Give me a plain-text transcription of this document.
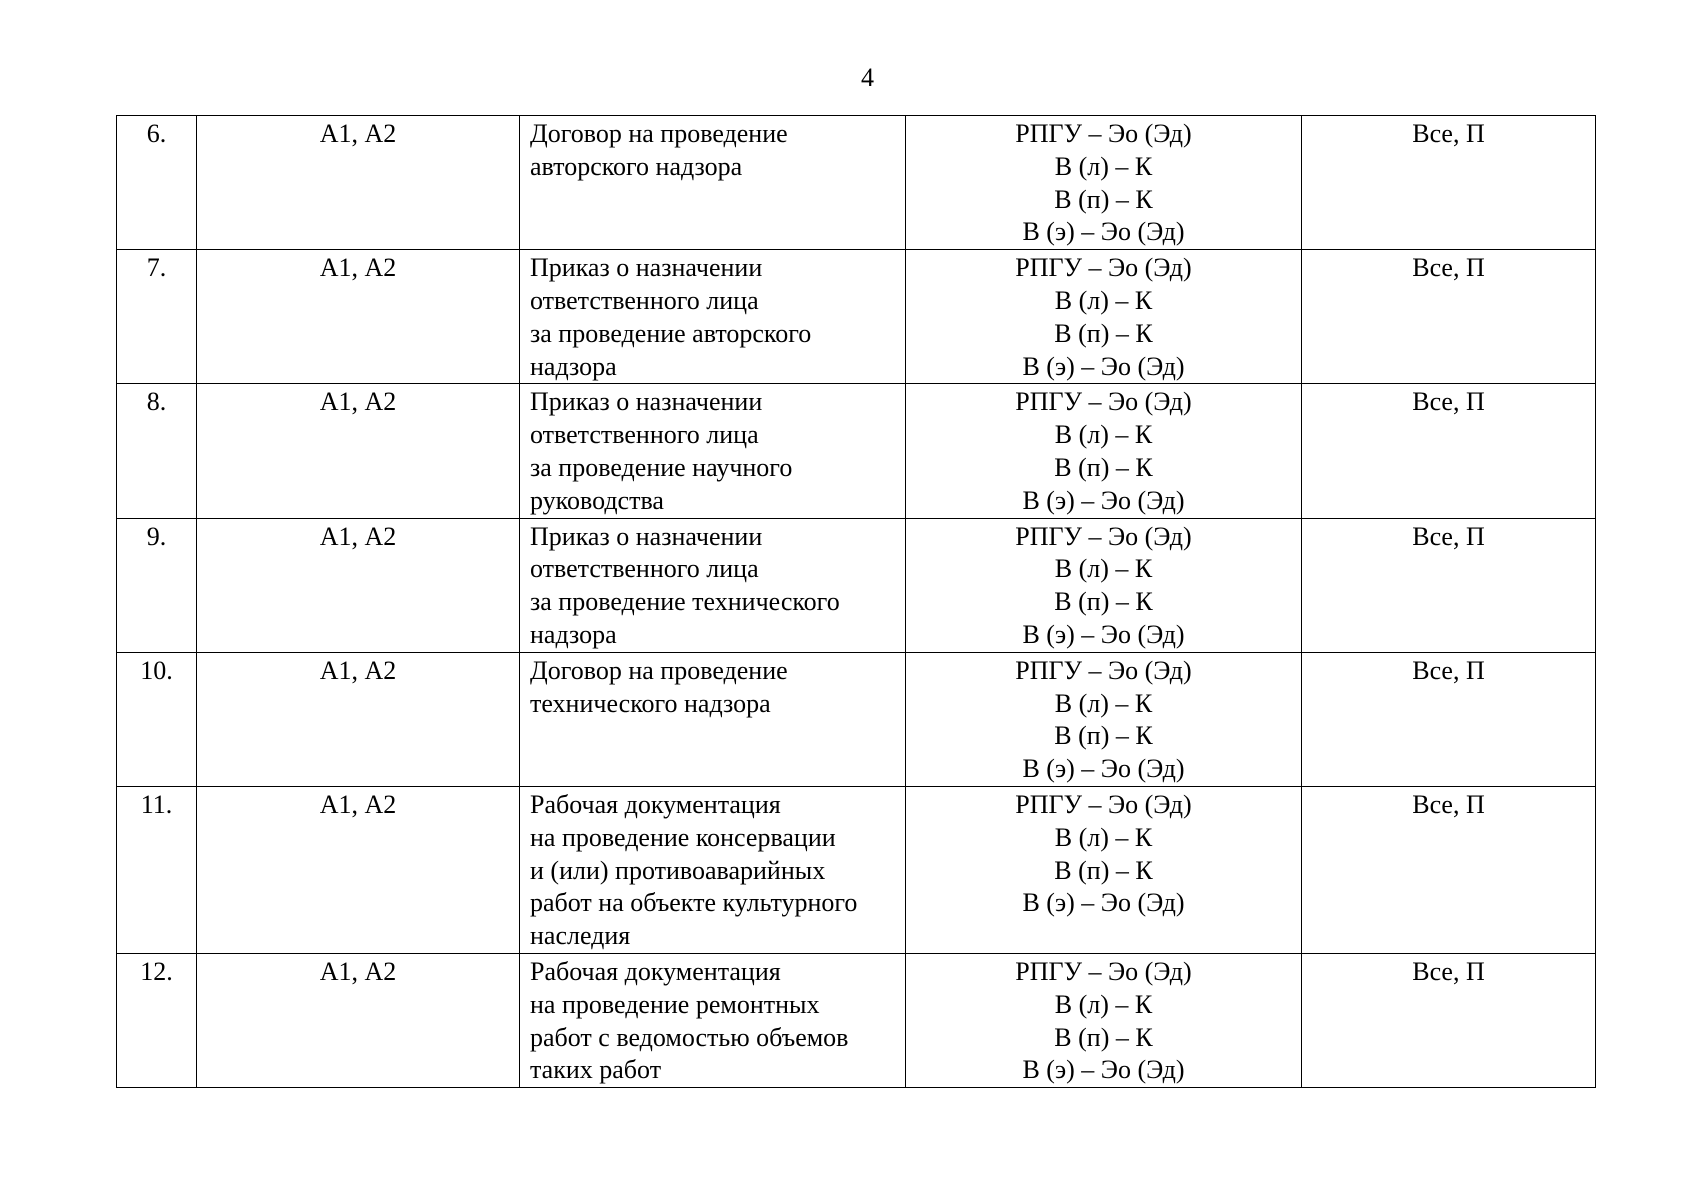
4
6.	А1, А2	Договор на проведение
авторского надзора	РПГУ – Эо (Эд)
В (л) – К
В (п) – К
В (э) – Эо (Эд)	Все, П
7.	А1, А2	Приказ о назначении
ответственного лица
за проведение авторского
надзора	РПГУ – Эо (Эд)
В (л) – К
В (п) – К
В (э) – Эо (Эд)	Все, П
8.	А1, А2	Приказ о назначении
ответственного лица
за проведение научного
руководства	РПГУ – Эо (Эд)
В (л) – К
В (п) – К
В (э) – Эо (Эд)	Все, П
9.	А1, А2	Приказ о назначении
ответственного лица
за проведение технического
надзора	РПГУ – Эо (Эд)
В (л) – К
В (п) – К
В (э) – Эо (Эд)	Все, П
10.	А1, А2	Договор на проведение
технического надзора	РПГУ – Эо (Эд)
В (л) – К
В (п) – К
В (э) – Эо (Эд)	Все, П
11.	А1, А2	Рабочая документация
на проведение консервации
и (или) противоаварийных
работ на объекте культурного
наследия	РПГУ – Эо (Эд)
В (л) – К
В (п) – К
В (э) – Эо (Эд)	Все, П
12.	А1, А2	Рабочая документация
на проведение ремонтных
работ с ведомостью объемов
таких работ	РПГУ – Эо (Эд)
В (л) – К
В (п) – К
В (э) – Эо (Эд)	Все, П
